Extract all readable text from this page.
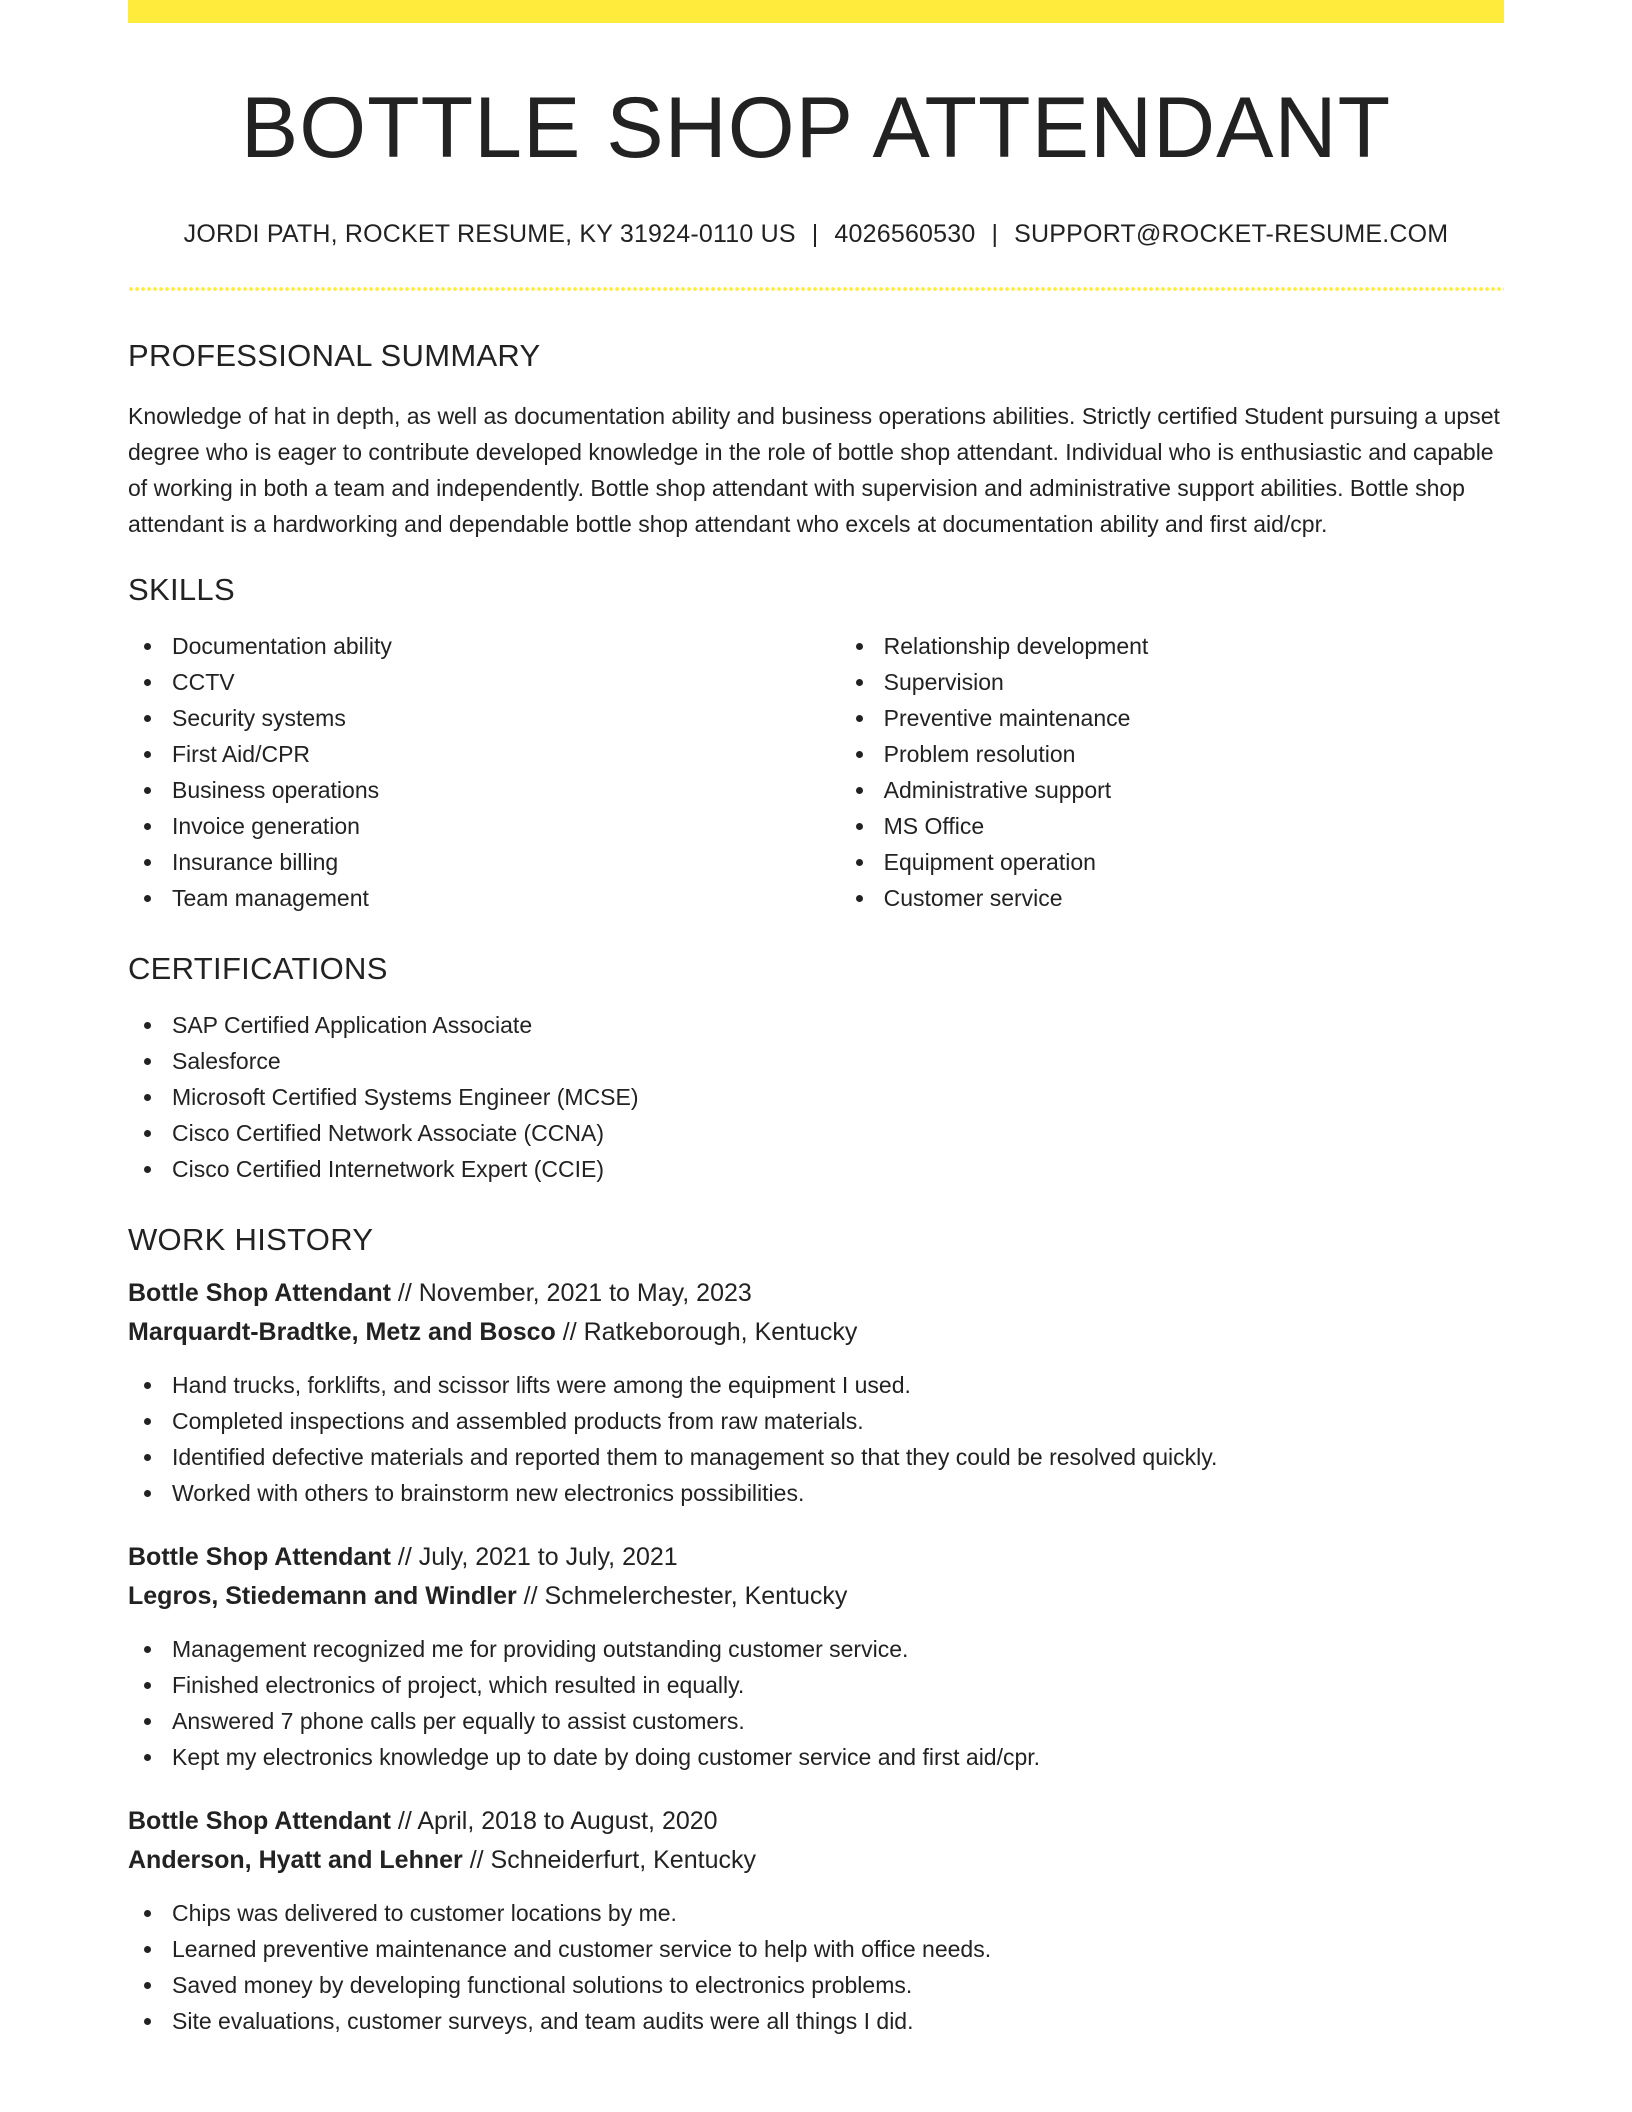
BOTTLE SHOP ATTENDANT
JORDI PATH, ROCKET RESUME, KY 31924-0110 US | 4026560530 | SUPPORT@ROCKET-RESUME.COM
PROFESSIONAL SUMMARY

Knowledge of hat in depth, as well as documentation ability and business operations abilities. Strictly certified Student pursuing a upset degree who is eager to contribute developed knowledge in the role of bottle shop attendant. Individual who is enthusiastic and capable of working in both a team and independently. Bottle shop attendant with supervision and administrative support abilities. Bottle shop attendant is a hardworking and dependable bottle shop attendant who excels at documentation ability and first aid/cpr.

SKILLS
Documentation ability
CCTV
Security systems
First Aid/CPR
Business operations
Invoice generation
Insurance billing
Team management
Relationship development
Supervision
Preventive maintenance
Problem resolution
Administrative support
MS Office
Equipment operation
Customer service
CERTIFICATIONS
SAP Certified Application Associate
Salesforce
Microsoft Certified Systems Engineer (MCSE)
Cisco Certified Network Associate (CCNA)
Cisco Certified Internetwork Expert (CCIE)
WORK HISTORY
Bottle Shop Attendant // November, 2021 to May, 2023
Marquardt-Bradtke, Metz and Bosco // Ratkeborough, Kentucky
Hand trucks, forklifts, and scissor lifts were among the equipment I used.
Completed inspections and assembled products from raw materials.
Identified defective materials and reported them to management so that they could be resolved quickly.
Worked with others to brainstorm new electronics possibilities.
Bottle Shop Attendant // July, 2021 to July, 2021
Legros, Stiedemann and Windler // Schmelerchester, Kentucky
Management recognized me for providing outstanding customer service.
Finished electronics of project, which resulted in equally.
Answered 7 phone calls per equally to assist customers.
Kept my electronics knowledge up to date by doing customer service and first aid/cpr.
Bottle Shop Attendant // April, 2018 to August, 2020
Anderson, Hyatt and Lehner // Schneiderfurt, Kentucky
Chips was delivered to customer locations by me.
Learned preventive maintenance and customer service to help with office needs.
Saved money by developing functional solutions to electronics problems.
Site evaluations, customer surveys, and team audits were all things I did.
